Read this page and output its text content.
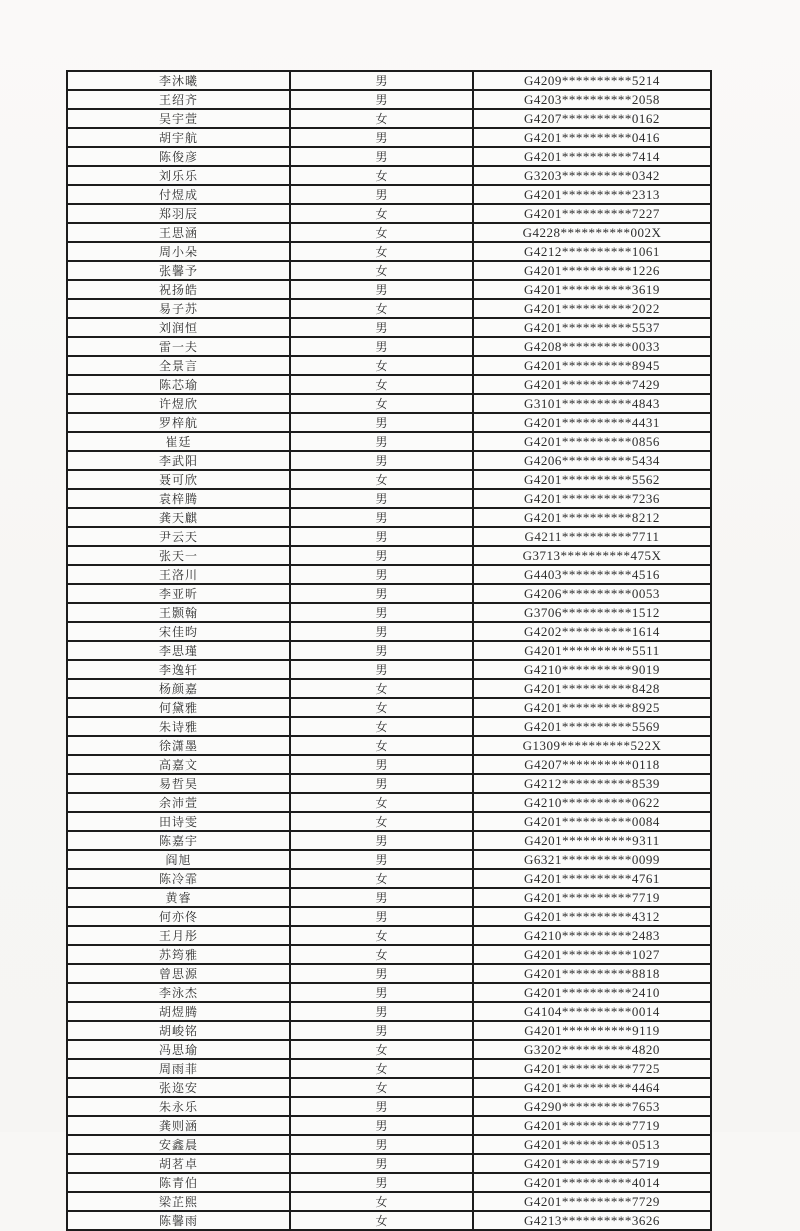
李沐曦	男	G4209**********5214
王绍齐	男	G4203**********2058
吴宇萱	女	G4207**********0162
胡宇航	男	G4201**********0416
陈俊彦	男	G4201**********7414
刘乐乐	女	G3203**********0342
付煜成	男	G4201**********2313
郑羽辰	女	G4201**********7227
王思涵	女	G4228**********002X
周小朵	女	G4212**********1061
张馨予	女	G4201**********1226
祝扬皓	男	G4201**********3619
易子苏	女	G4201**********2022
刘润恒	男	G4201**********5537
雷一夫	男	G4208**********0033
全景言	女	G4201**********8945
陈芯瑜	女	G4201**********7429
许煜欣	女	G3101**********4843
罗梓航	男	G4201**********4431
崔廷	男	G4201**********0856
李武阳	男	G4206**********5434
聂可欣	女	G4201**********5562
袁梓腾	男	G4201**********7236
龚天麒	男	G4201**********8212
尹云天	男	G4211**********7711
张天一	男	G3713**********475X
王洛川	男	G4403**********4516
李亚昕	男	G4206**********0053
王颢翰	男	G3706**********1512
宋佳昀	男	G4202**********1614
李思瑾	男	G4201**********5511
李逸轩	男	G4210**********9019
杨颜嘉	女	G4201**********8428
何黛雅	女	G4201**********8925
朱诗雅	女	G4201**********5569
徐潇墨	女	G1309**********522X
高嘉文	男	G4207**********0118
易哲昊	男	G4212**********8539
余沛萱	女	G4210**********0622
田诗雯	女	G4201**********0084
陈嘉宇	男	G4201**********9311
阎旭	男	G6321**********0099
陈冷霏	女	G4201**********4761
黄睿	男	G4201**********7719
何亦佟	男	G4201**********4312
王月彤	女	G4210**********2483
苏筠雅	女	G4201**********1027
曾思源	男	G4201**********8818
李泳杰	男	G4201**********2410
胡煜腾	男	G4104**********0014
胡峻铭	男	G4201**********9119
冯思瑜	女	G3202**********4820
周雨菲	女	G4201**********7725
张迩安	女	G4201**********4464
朱永乐	男	G4290**********7653
龚则涵	男	G4201**********7719
安鑫晨	男	G4201**********0513
胡茗卓	男	G4201**********5719
陈青伯	男	G4201**********4014
梁芷熙	女	G4201**********7729
陈馨雨	女	G4213**********3626
